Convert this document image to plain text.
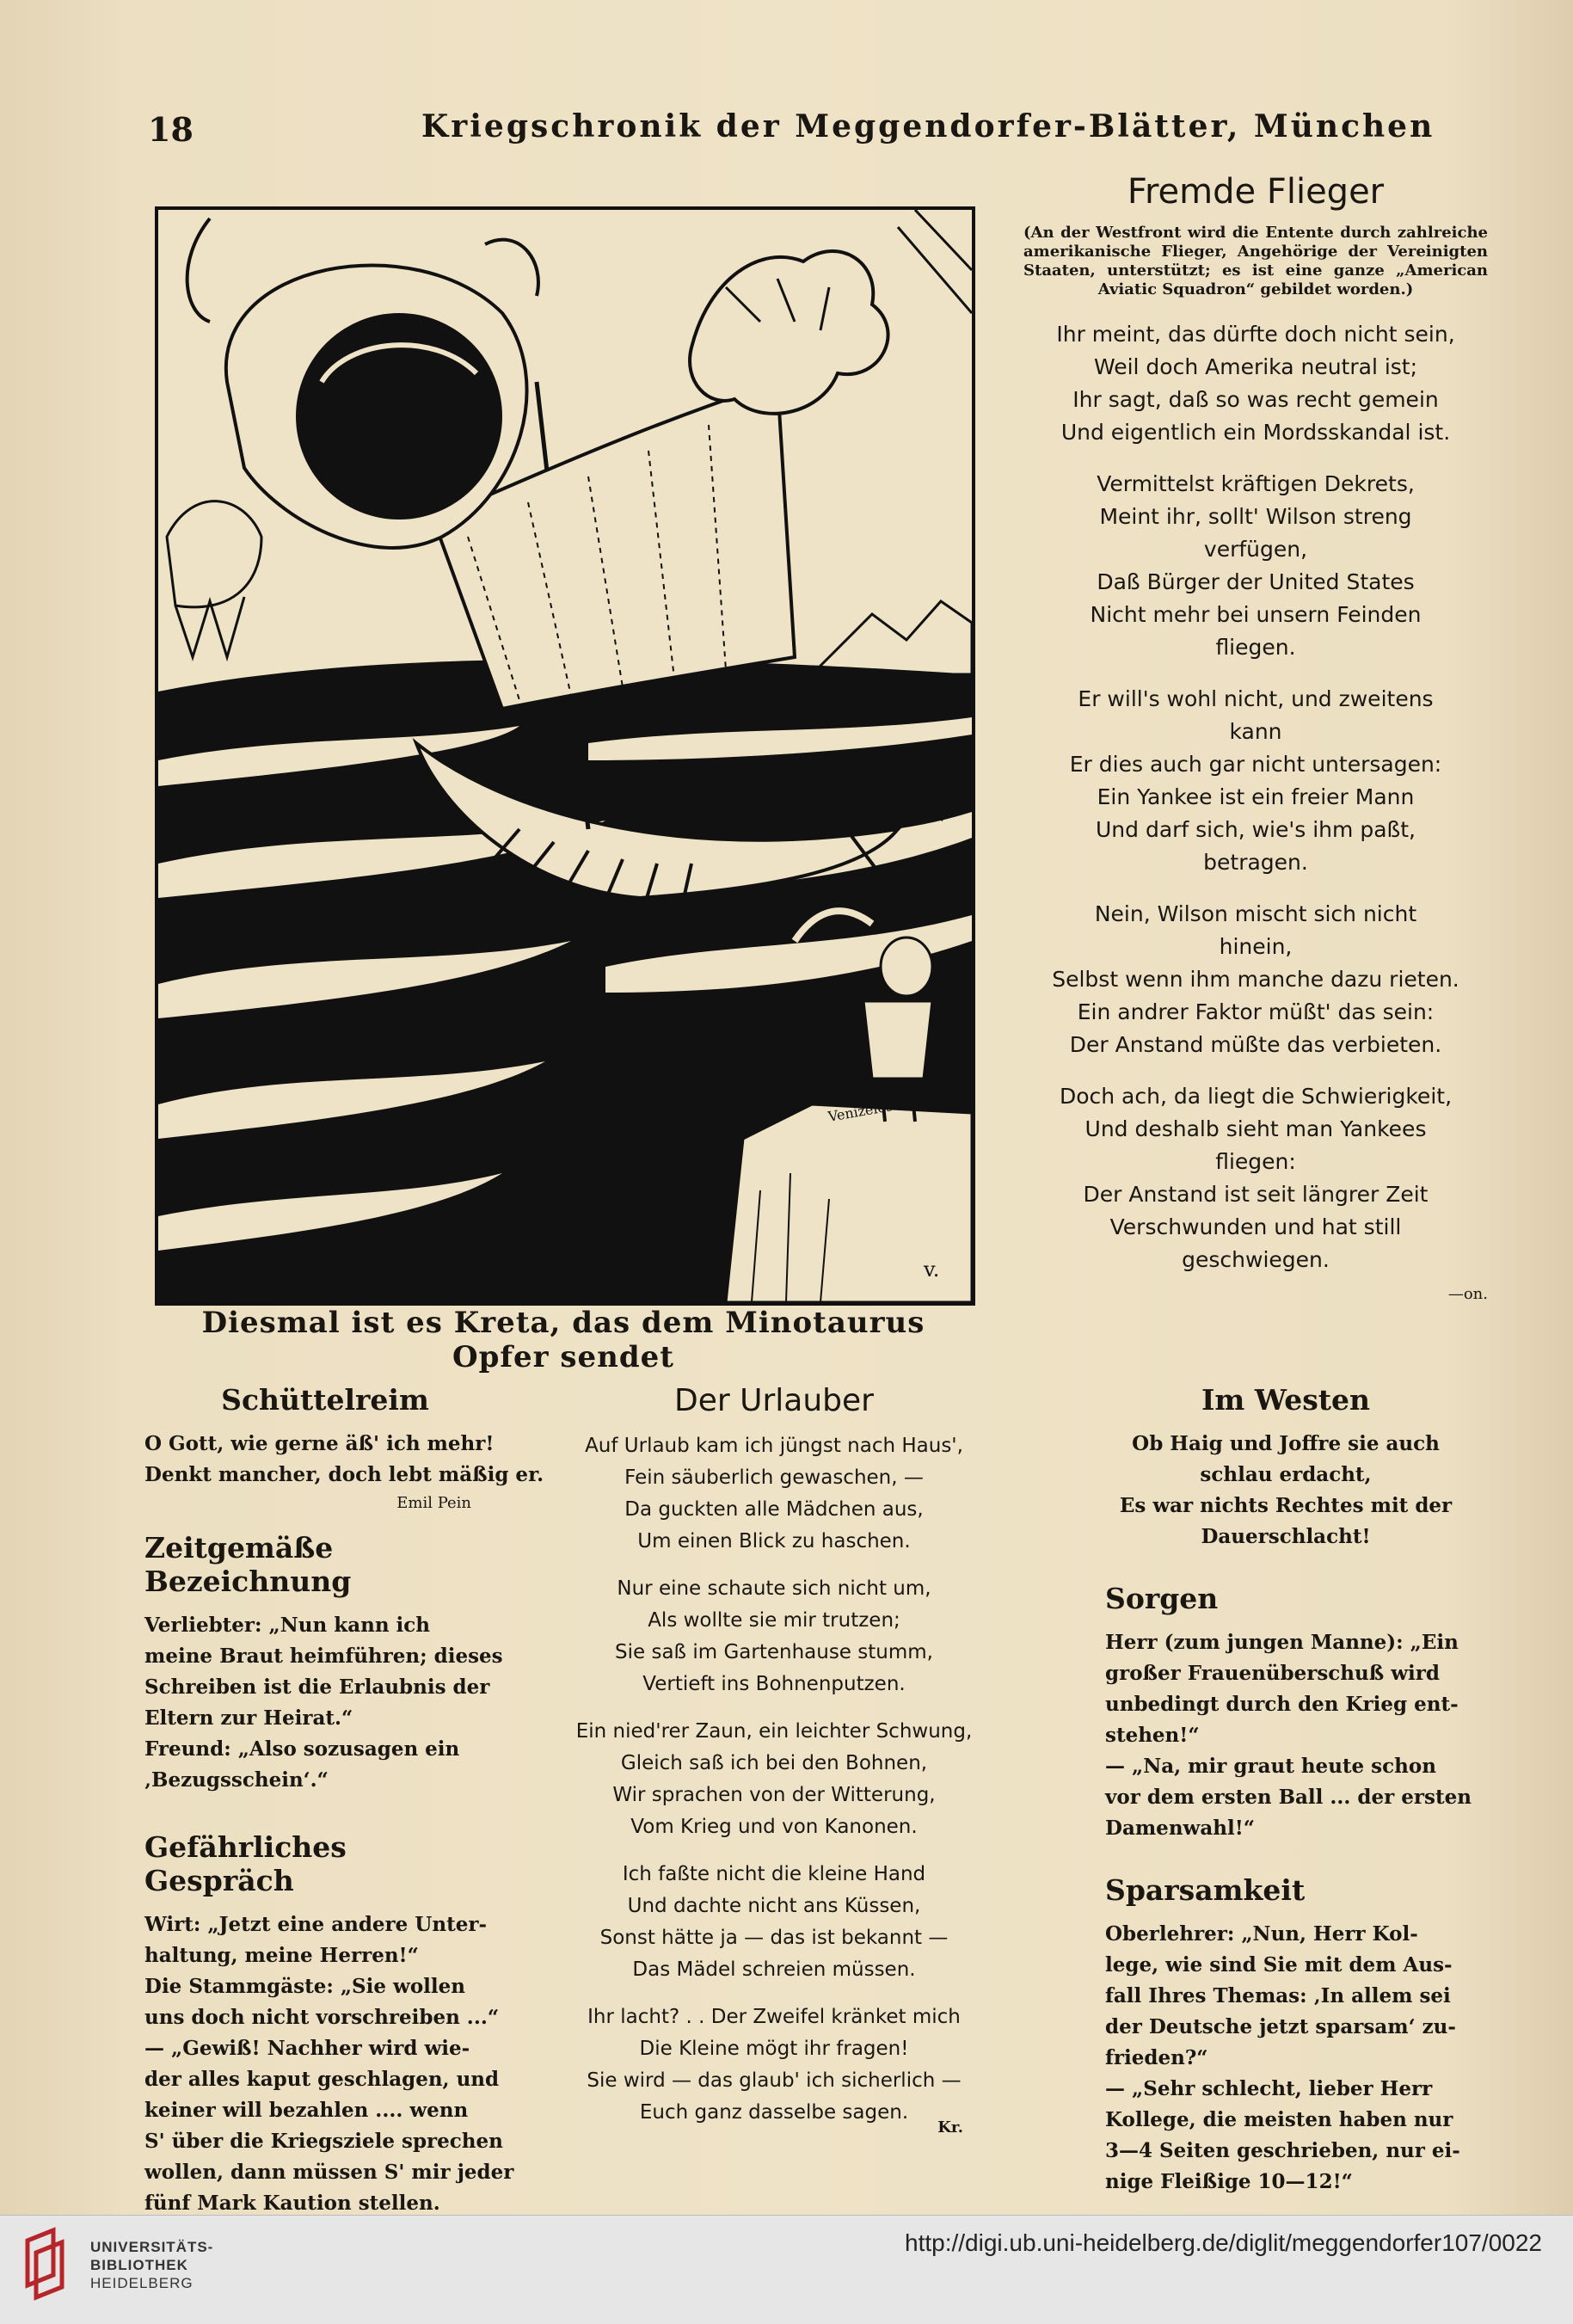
18	Kriegschronik der Meggendorfer-Blätter, München
Venizelos
v.
Diesmal ist es Kreta, das dem Minotaurus Opfer sendet
Fremde Flieger
(An der Westfront wird die Entente durch zahlreiche amerikanische Flieger, Angehörige der Vereinigten Staaten, unterstützt; es ist eine ganze „American Aviatic Squadron“ gebildet worden.)
Ihr meint, das dürfte doch nicht sein,
Weil doch Amerika neutral ist;
Ihr sagt, daß so was recht gemein
Und eigentlich ein Mordsskandal ist.
Vermittelst kräftigen Dekrets,
Meint ihr, sollt' Wilson streng
verfügen,
Daß Bürger der United States
Nicht mehr bei unsern Feinden
fliegen.
Er will's wohl nicht, und zweitens
kann
Er dies auch gar nicht untersagen:
Ein Yankee ist ein freier Mann
Und darf sich, wie's ihm paßt,
betragen.
Nein, Wilson mischt sich nicht
hinein,
Selbst wenn ihm manche dazu rieten.
Ein andrer Faktor müßt' das sein:
Der Anstand müßte das verbieten.
Doch ach, da liegt die Schwierigkeit,
Und deshalb sieht man Yankees
fliegen:
Der Anstand ist seit längrer Zeit
Verschwunden und hat still
geschwiegen.
—on.
Schüttelreim
O Gott, wie gerne äß' ich mehr!
Denkt mancher, doch lebt mäßig er.
Emil Pein
Zeitgemäße Bezeichnung
Verliebter: „Nun kann ich
meine Braut heimführen; dieses
Schreiben ist die Erlaubnis der
Eltern zur Heirat.“
Freund: „Also sozusagen ein
‚Bezugsschein‘.“
Gefährliches Gespräch
Wirt: „Jetzt eine andere Unter-
haltung, meine Herren!“
Die Stammgäste: „Sie wollen
uns doch nicht vorschreiben ...“
— „Gewiß! Nachher wird wie-
der alles kaput geschlagen, und
keiner will bezahlen .... wenn
S' über die Kriegsziele sprechen
wollen, dann müssen S' mir jeder
fünf Mark Kaution stellen.
Der Urlauber
Auf Urlaub kam ich jüngst nach Haus',
Fein säuberlich gewaschen, —
Da guckten alle Mädchen aus,
Um einen Blick zu haschen.
Nur eine schaute sich nicht um,
Als wollte sie mir trutzen;
Sie saß im Gartenhause stumm,
Vertieft ins Bohnenputzen.
Ein nied'rer Zaun, ein leichter Schwung,
Gleich saß ich bei den Bohnen,
Wir sprachen von der Witterung,
Vom Krieg und von Kanonen.
Ich faßte nicht die kleine Hand
Und dachte nicht ans Küssen,
Sonst hätte ja — das ist bekannt —
Das Mädel schreien müssen.
Ihr lacht? . . Der Zweifel kränket mich
Die Kleine mögt ihr fragen!
Sie wird — das glaub' ich sicherlich —
Euch ganz dasselbe sagen.
Kr.
Im Westen
Ob Haig und Joffre sie auch
schlau erdacht,
Es war nichts Rechtes mit der
Dauerschlacht!
Sorgen
Herr (zum jungen Manne): „Ein
großer Frauenüberschuß wird
unbedingt durch den Krieg ent-
stehen!“
— „Na, mir graut heute schon
vor dem ersten Ball ... der ersten
Damenwahl!“
Sparsamkeit
Oberlehrer: „Nun, Herr Kol-
lege, wie sind Sie mit dem Aus-
fall Ihres Themas: ‚In allem sei
der Deutsche jetzt sparsam‘ zu-
frieden?“
— „Sehr schlecht, lieber Herr
Kollege, die meisten haben nur
3—4 Seiten geschrieben, nur ei-
nige Fleißige 10—12!“
UNIVERSITÄTS-
BIBLIOTHEK
HEIDELBERG
http://digi.ub.uni-heidelberg.de/diglit/meggendorfer107/0022
